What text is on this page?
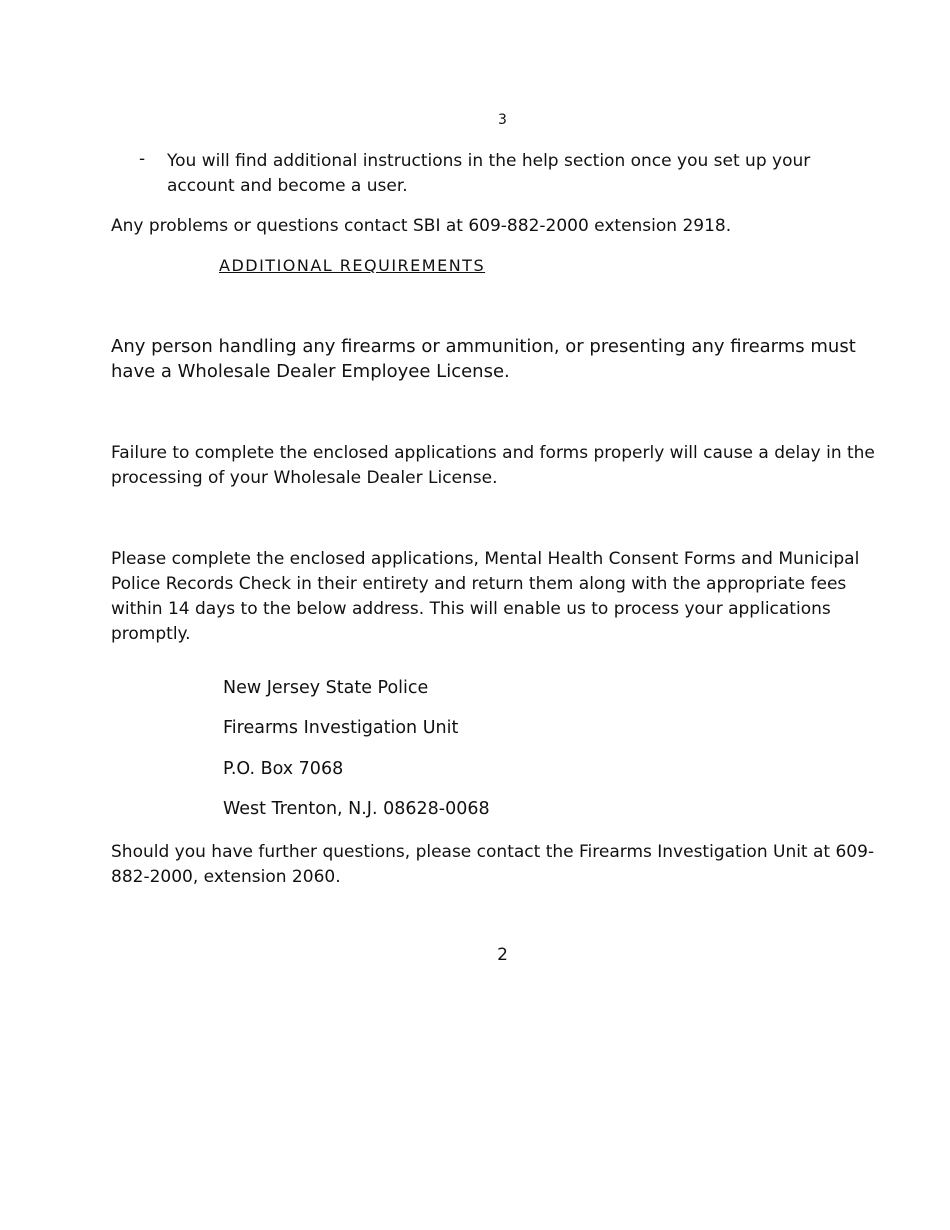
3
- You will find additional instructions in the help section once you set up your account and become a user.
Any problems or questions contact SBI at 609-882-2000 extension 2918.
ADDITIONAL REQUIREMENTS
Any person handling any firearms or ammunition, or presenting any firearms must have a Wholesale Dealer Employee License.
Failure to complete the enclosed applications and forms properly will cause a delay in the processing of your Wholesale Dealer License.
Please complete the enclosed applications, Mental Health Consent Forms and Municipal Police Records Check in their entirety and return them along with the appropriate fees within 14 days to the below address. This will enable us to process your applications promptly.
New Jersey State Police
Firearms Investigation Unit
P.O. Box 7068
West Trenton, N.J. 08628-0068
Should you have further questions, please contact the Firearms Investigation Unit at 609-882-2000, extension 2060.
2
